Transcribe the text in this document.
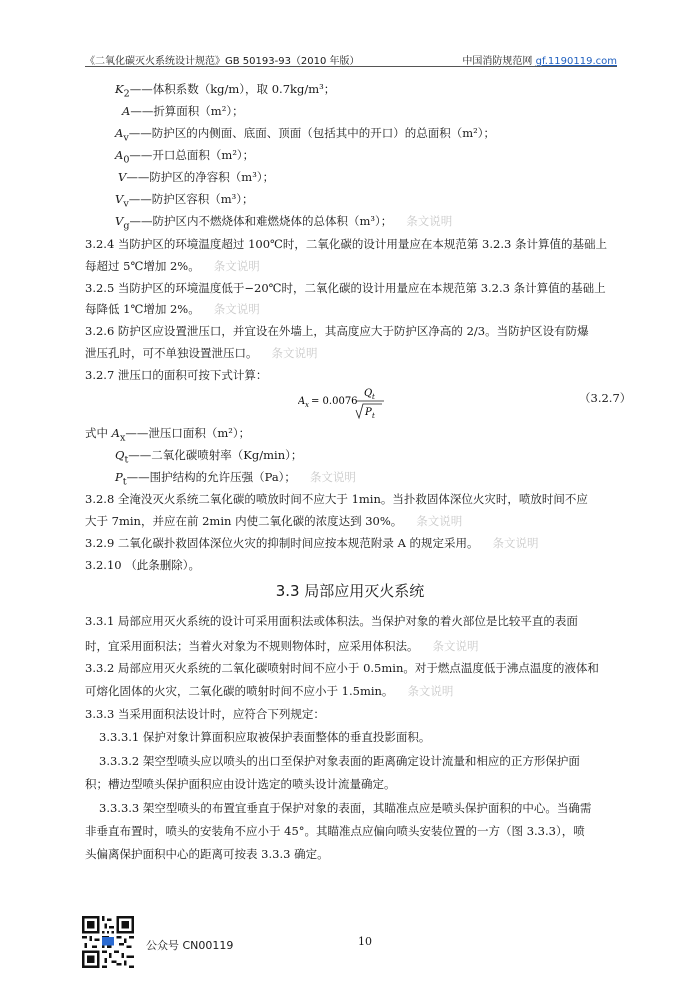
《二氧化碳灭火系统设计规范》GB 50193-93（2010 年版）	中国消防规范网 gf.1190119.com
$K_2——$体积系数（kg/m），取 0.7kg/m³；
A——折算面积（m²）；
$A_v——$防护区的内侧面、底面、顶面（包括其中的开口）的总面积（m²）；
$A_0——$开口总面积（m²）；
V——防护区的净容积（m³）；
$V_v——$防护区容积（m³）；
$V_g——$防护区内不燃烧体和难燃烧体的总体积（m³）； 条文说明
3.2.4 当防护区的环境温度超过 100℃时，二氧化碳的设计用量应在本规范第 3.2.3 条计算值的基础上
每超过 5℃增加 2%。 条文说明
3.2.5 当防护区的环境温度低于−20℃时，二氧化碳的设计用量应在本规范第 3.2.3 条计算值的基础上
每降低 1℃增加 2%。 条文说明
3.2.6 防护区应设置泄压口，并宜设在外墙上，其高度应大于防护区净高的 2/3。当防护区设有防爆
泄压孔时，可不单独设置泄压口。 条文说明
3.2.7 泄压口的面积可按下式计算：
A x = 0.0076
Q t
P t
（3.2.7）
式中 $A_x——$泄压口面积（m²）；
$Q_t——$二氧化碳喷射率（Kg/min）；
$P_t——$围护结构的允许压强（Pa）； 条文说明
3.2.8 全淹没灭火系统二氧化碳的喷放时间不应大于 1min。当扑救固体深位火灾时，喷放时间不应
大于 7min，并应在前 2min 内使二氧化碳的浓度达到 30%。 条文说明
3.2.9 二氧化碳扑救固体深位火灾的抑制时间应按本规范附录 A 的规定采用。 条文说明
3.2.10 （此条删除）。
3.3 局部应用灭火系统
3.3.1 局部应用灭火系统的设计可采用面积法或体积法。当保护对象的着火部位是比较平直的表面
时，宜采用面积法；当着火对象为不规则物体时，应采用体积法。 条文说明
3.3.2 局部应用灭火系统的二氧化碳喷射时间不应小于 0.5min。对于燃点温度低于沸点温度的液体和
可熔化固体的火灾，二氧化碳的喷射时间不应小于 1.5min。 条文说明
3.3.3 当采用面积法设计时，应符合下列规定：
3.3.3.1 保护对象计算面积应取被保护表面整体的垂直投影面积。
3.3.3.2 架空型喷头应以喷头的出口至保护对象表面的距离确定设计流量和相应的正方形保护面
积；槽边型喷头保护面积应由设计选定的喷头设计流量确定。
3.3.3.3 架空型喷头的布置宜垂直于保护对象的表面，其瞄准点应是喷头保护面积的中心。当确需
非垂直布置时，喷头的安装角不应小于 45°。其瞄准点应偏向喷头安装位置的一方（图 3.3.3），喷
头偏离保护面积中心的距离可按表 3.3.3 确定。
公众号 CN00119	10
